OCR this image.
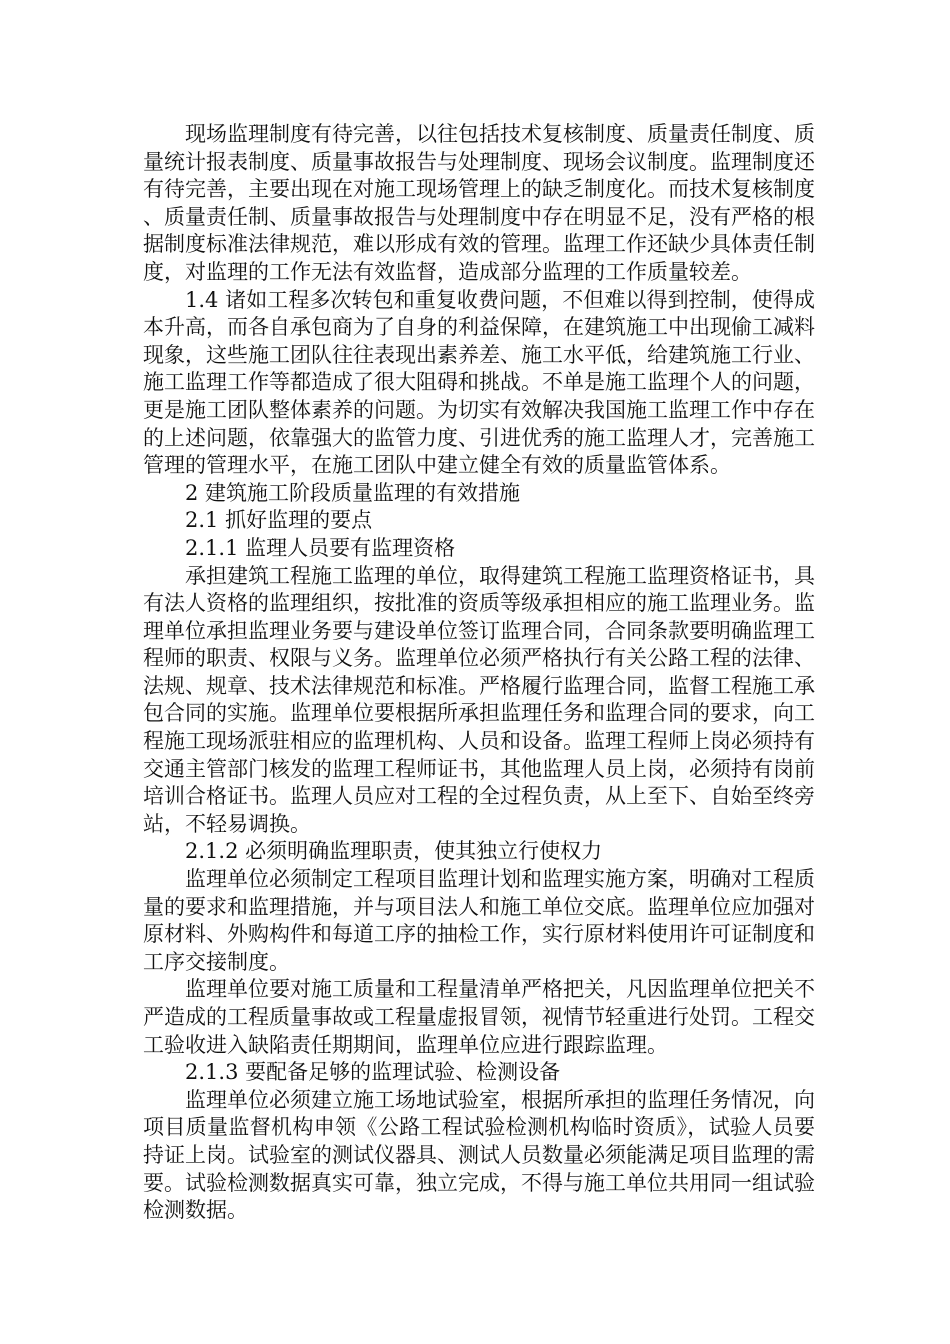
现场监理制度有待完善，以往包括技术复核制度、质量责任制度、质量统计报表制度、质量事故报告与处理制度、现场会议制度。监理制度还有待完善，主要出现在对施工现场管理上的缺乏制度化。而技术复核制度、质量责任制、质量事故报告与处理制度中存在明显不足，没有严格的根据制度标准法律规范，难以形成有效的管理。监理工作还缺少具体责任制度，对监理的工作无法有效监督，造成部分监理的工作质量较差。

1.4 诸如工程多次转包和重复收费问题，不但难以得到控制，使得成本升高，而各自承包商为了自身的利益保障，在建筑施工中出现偷工减料现象，这些施工团队往往表现出素养差、施工水平低，给建筑施工行业、施工监理工作等都造成了很大阻碍和挑战。不单是施工监理个人的问题，更是施工团队整体素养的问题。为切实有效解决我国施工监理工作中存在的上述问题，依靠强大的监管力度、引进优秀的施工监理人才，完善施工管理的管理水平，在施工团队中建立健全有效的质量监管体系。

2 建筑施工阶段质量监理的有效措施

2.1 抓好监理的要点

2.1.1 监理人员要有监理资格

承担建筑工程施工监理的单位，取得建筑工程施工监理资格证书，具有法人资格的监理组织，按批准的资质等级承担相应的施工监理业务。监理单位承担监理业务要与建设单位签订监理合同，合同条款要明确监理工程师的职责、权限与义务。监理单位必须严格执行有关公路工程的法律、法规、规章、技术法律规范和标准。严格履行监理合同，监督工程施工承包合同的实施。监理单位要根据所承担监理任务和监理合同的要求，向工程施工现场派驻相应的监理机构、人员和设备。监理工程师上岗必须持有交通主管部门核发的监理工程师证书，其他监理人员上岗，必须持有岗前培训合格证书。监理人员应对工程的全过程负责，从上至下、自始至终旁站，不轻易调换。

2.1.2 必须明确监理职责，使其独立行使权力

监理单位必须制定工程项目监理计划和监理实施方案，明确对工程质量的要求和监理措施，并与项目法人和施工单位交底。监理单位应加强对原材料、外购构件和每道工序的抽检工作，实行原材料使用许可证制度和工序交接制度。

监理单位要对施工质量和工程量清单严格把关，凡因监理单位把关不严造成的工程质量事故或工程量虚报冒领，视情节轻重进行处罚。工程交工验收进入缺陷责任期期间，监理单位应进行跟踪监理。

2.1.3 要配备足够的监理试验、检测设备

监理单位必须建立施工场地试验室，根据所承担的监理任务情况，向项目质量监督机构申领《公路工程试验检测机构临时资质》，试验人员要持证上岗。试验室的测试仪器具、测试人员数量必须能满足项目监理的需要。试验检测数据真实可靠，独立完成，不得与施工单位共用同一组试验检测数据。
